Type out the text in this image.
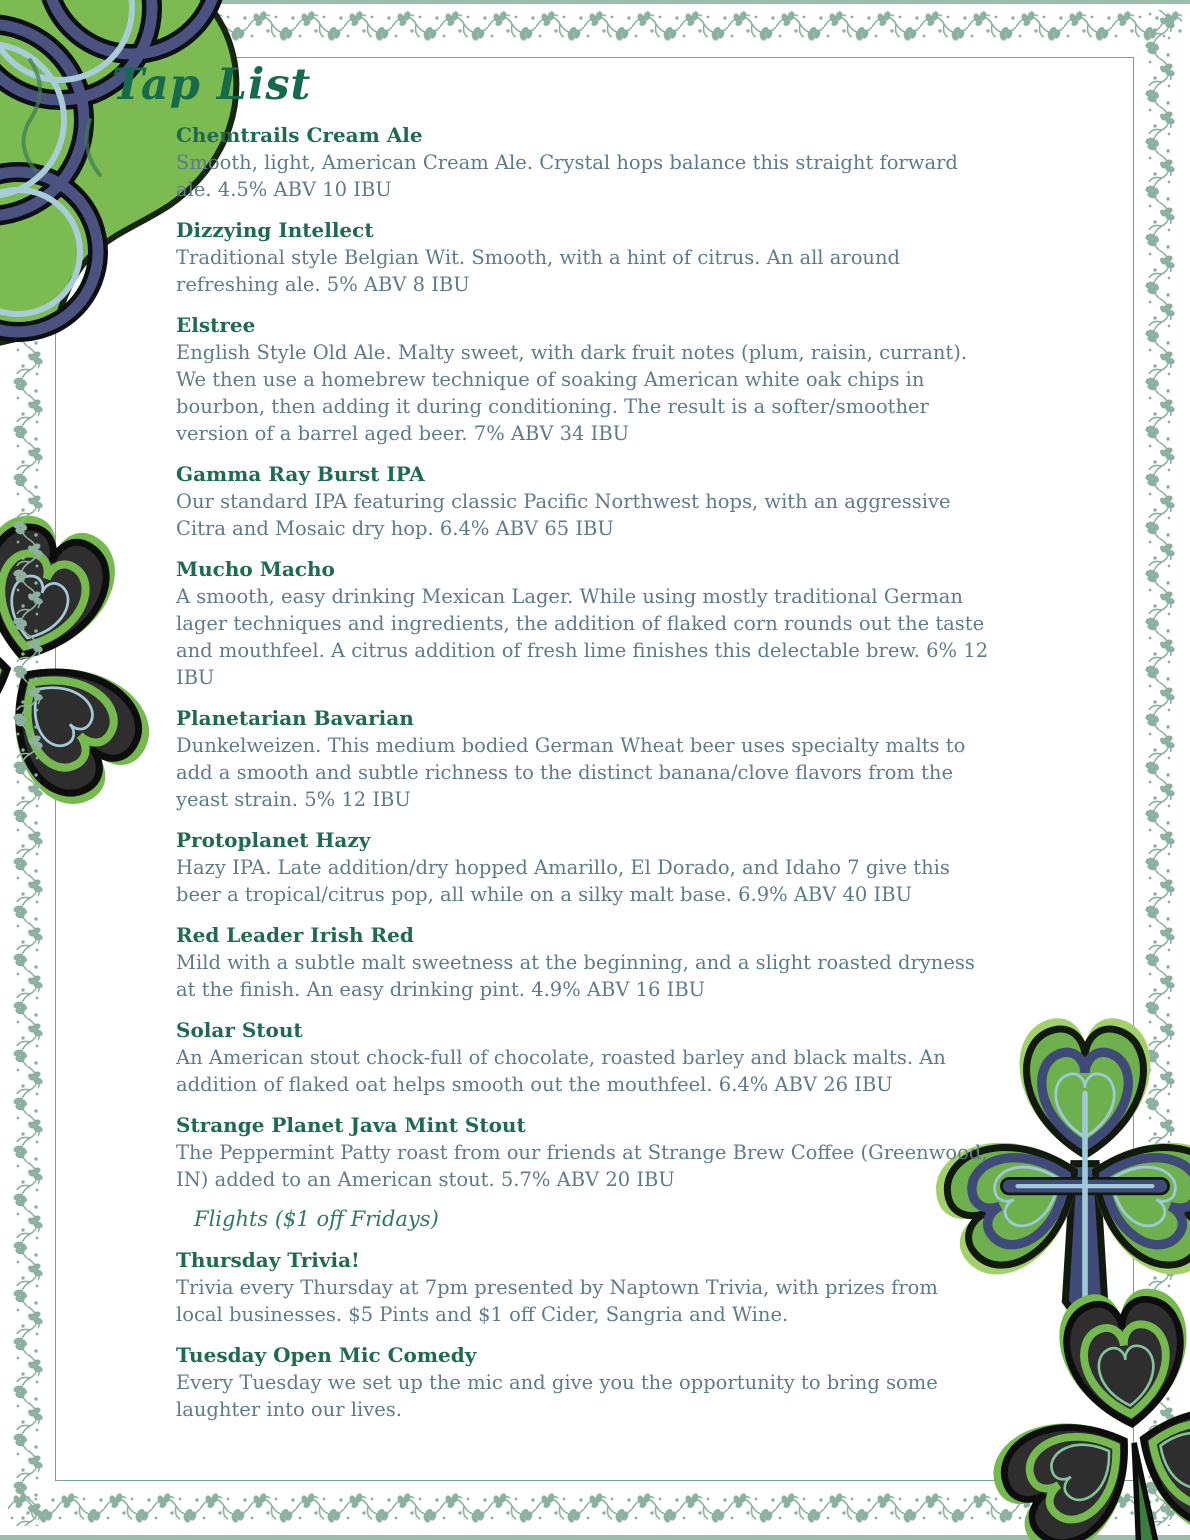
Tap List
Chemtrails Cream Ale
Smooth, light, American Cream Ale. Crystal hops balance this straight forward ale. 4.5% ABV 10 IBU
Dizzying Intellect
Traditional style Belgian Wit. Smooth, with a hint of citrus. An all around refreshing ale. 5% ABV 8 IBU
Elstree
English Style Old Ale. Malty sweet, with dark fruit notes (plum, raisin, currant). We then use a homebrew technique of soaking American white oak chips in bourbon, then adding it during conditioning. The result is a softer/smoother version of a barrel aged beer. 7% ABV 34 IBU
Gamma Ray Burst IPA
Our standard IPA featuring classic Pacific Northwest hops, with an aggressive Citra and Mosaic dry hop. 6.4% ABV 65 IBU
Mucho Macho
A smooth, easy drinking Mexican Lager. While using mostly traditional German lager techniques and ingredients, the addition of flaked corn rounds out the taste and mouthfeel. A citrus addition of fresh lime finishes this delectable brew. 6% 12 IBU
Planetarian Bavarian
Dunkelweizen. This medium bodied German Wheat beer uses specialty malts to add a smooth and subtle richness to the distinct banana/clove flavors from the yeast strain. 5% 12 IBU
Protoplanet Hazy
Hazy IPA. Late addition/dry hopped Amarillo, El Dorado, and Idaho 7 give this beer a tropical/citrus pop, all while on a silky malt base. 6.9% ABV 40 IBU
Red Leader Irish Red
Mild with a subtle malt sweetness at the beginning, and a slight roasted dryness at the finish. An easy drinking pint. 4.9% ABV 16 IBU
Solar Stout
An American stout chock-full of chocolate, roasted barley and black malts. An addition of flaked oat helps smooth out the mouthfeel. 6.4% ABV 26 IBU
Strange Planet Java Mint Stout
The Peppermint Patty roast from our friends at Strange Brew Coffee (Greenwood, IN) added to an American stout. 5.7% ABV 20 IBU
Flights ($1 off Fridays)
Thursday Trivia!
Trivia every Thursday at 7pm presented by Naptown Trivia, with prizes from local businesses. $5 Pints and $1 off Cider, Sangria and Wine.
Tuesday Open Mic Comedy
Every Tuesday we set up the mic and give you the opportunity to bring some laughter into our lives.
